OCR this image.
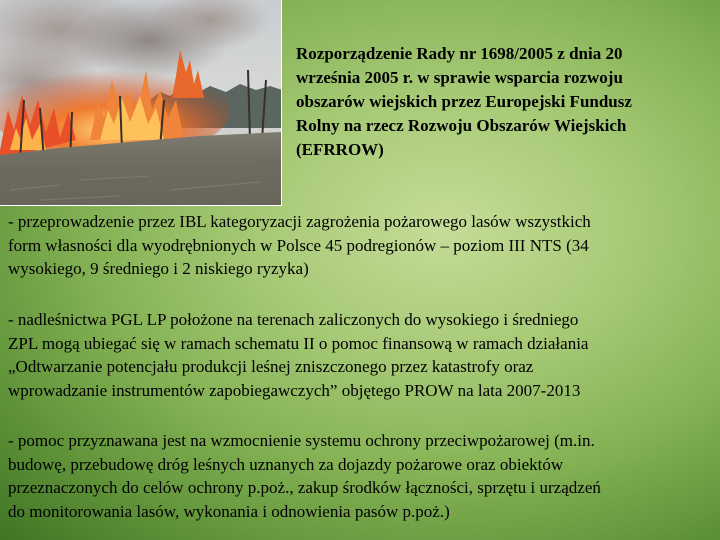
Rozporządzenie Rady nr 1698/2005 z dnia 20
września 2005 r. w sprawie wsparcia rozwoju
obszarów wiejskich przez Europejski Fundusz
Rolny na rzecz Rozwoju Obszarów Wiejskich
(EFRROW)

- przeprowadzenie przez IBL kategoryzacji zagrożenia pożarowego lasów wszystkich
form własności dla wyodrębnionych w Polsce 45 podregionów – poziom III NTS (34
wysokiego, 9 średniego i 2 niskiego ryzyka)

- nadleśnictwa PGL LP położone na terenach zaliczonych do wysokiego i średniego
ZPL mogą ubiegać się w ramach schematu II o pomoc finansową w ramach działania
„Odtwarzanie potencjału produkcji leśnej zniszczonego przez katastrofy oraz
wprowadzanie instrumentów zapobiegawczych” objętego PROW na lata 2007-2013

- pomoc przyznawana jest na wzmocnienie systemu ochrony przeciwpożarowej (m.in.
budowę, przebudowę dróg leśnych uznanych za dojazdy pożarowe oraz obiektów
przeznaczonych do celów ochrony p.poż., zakup środków łączności, sprzętu i urządzeń
do monitorowania lasów, wykonania i odnowienia pasów p.poż.)
